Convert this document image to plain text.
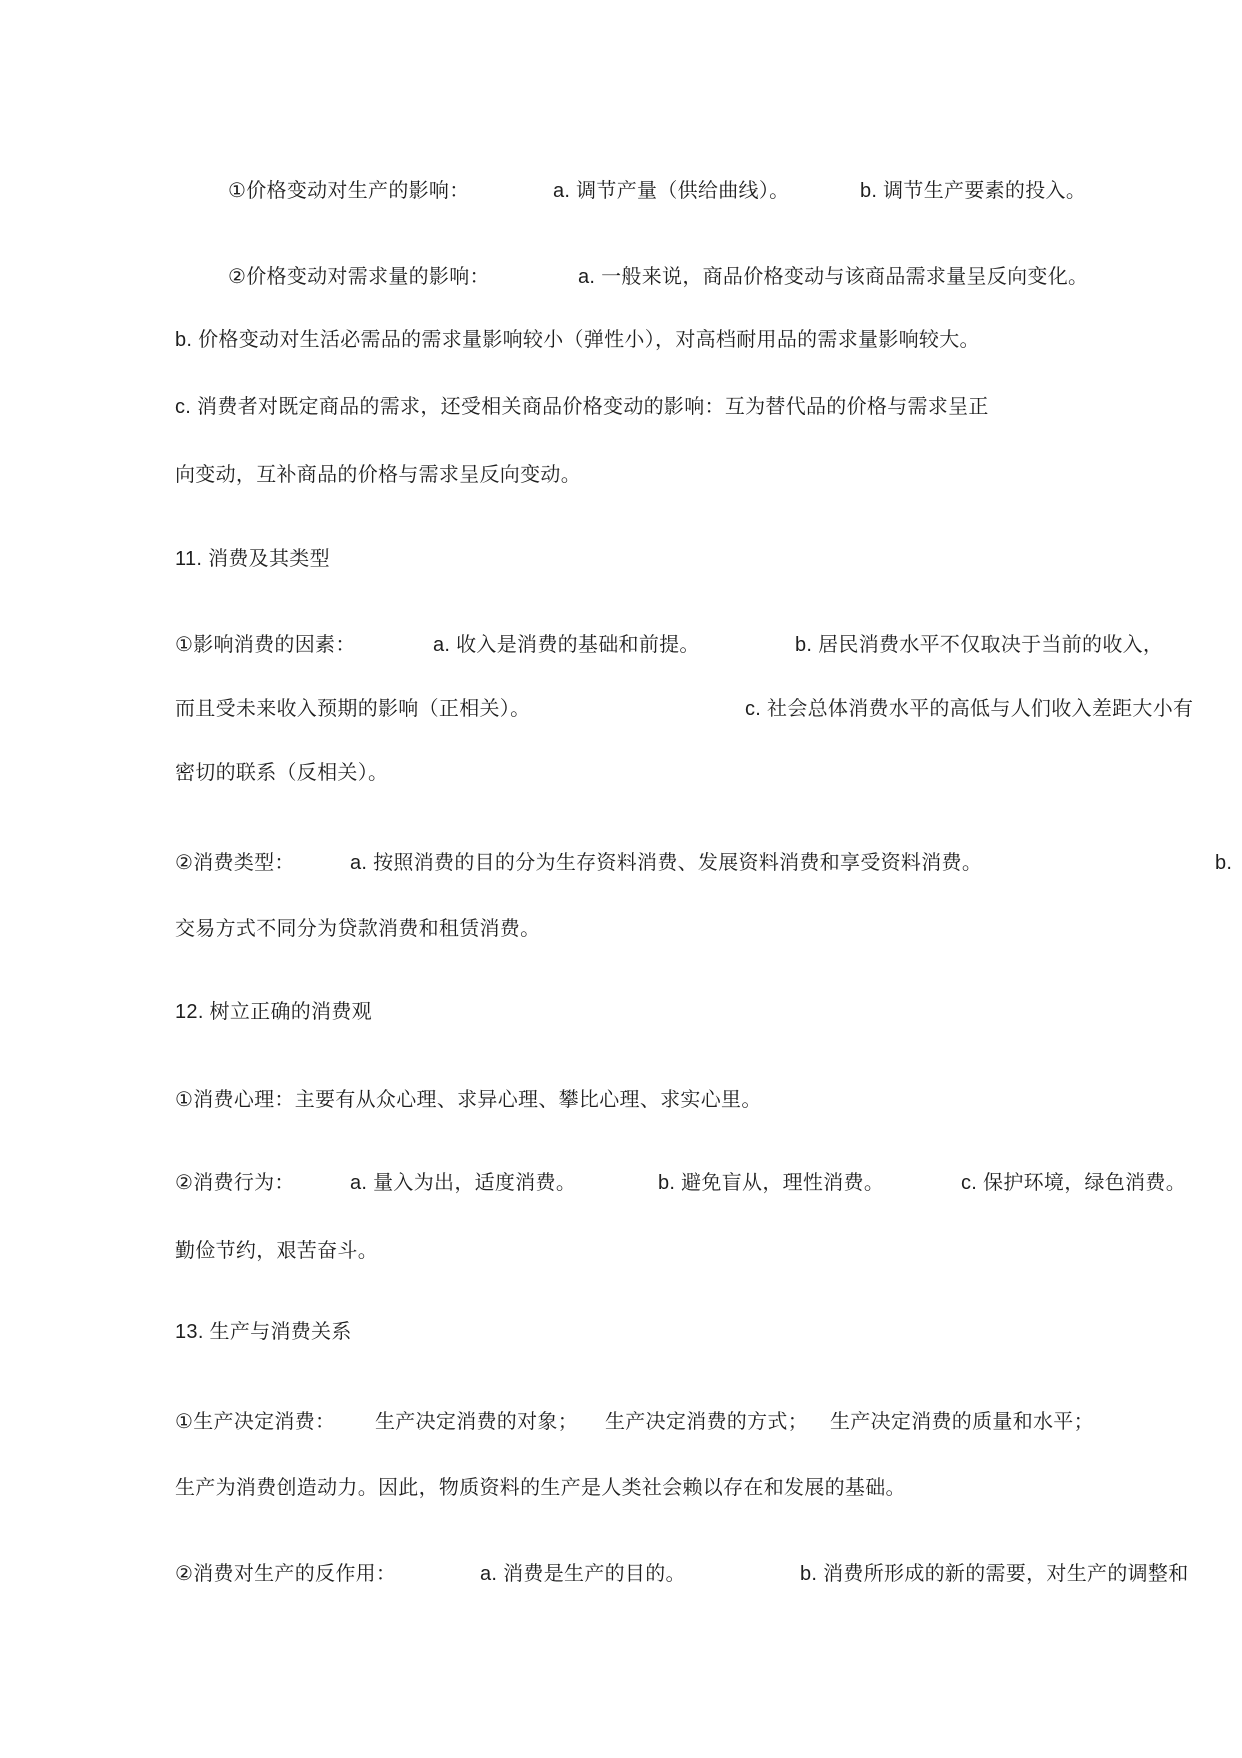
①价格变动对生产的影响：	a. 调节产量（供给曲线）。	b. 调节生产要素的投入。
②价格变动对需求量的影响：	a. 一般来说，商品价格变动与该商品需求量呈反向变化。
b. 价格变动对生活必需品的需求量影响较小（弹性小），对高档耐用品的需求量影响较大。
c. 消费者对既定商品的需求，还受相关商品价格变动的影响：互为替代品的价格与需求呈正
向变动，互补商品的价格与需求呈反向变动。
11. 消费及其类型
①影响消费的因素：	a. 收入是消费的基础和前提。	b. 居民消费水平不仅取决于当前的收入，
而且受未来收入预期的影响（正相关）。	c. 社会总体消费水平的高低与人们收入差距大小有
密切的联系（反相关）。
②消费类型：	a. 按照消费的目的分为生存资料消费、发展资料消费和享受资料消费。	b.
交易方式不同分为贷款消费和租赁消费。
12. 树立正确的消费观
①消费心理：主要有从众心理、求异心理、攀比心理、求实心里。
②消费行为：	a. 量入为出，适度消费。	b. 避免盲从，理性消费。	c. 保护环境，绿色消费。
勤俭节约，艰苦奋斗。
13. 生产与消费关系
①生产决定消费： 生产决定消费的对象； 生产决定消费的方式； 生产决定消费的质量和水平；
生产为消费创造动力。因此，物质资料的生产是人类社会赖以存在和发展的基础。
②消费对生产的反作用：	a. 消费是生产的目的。	b. 消费所形成的新的需要，对生产的调整和
